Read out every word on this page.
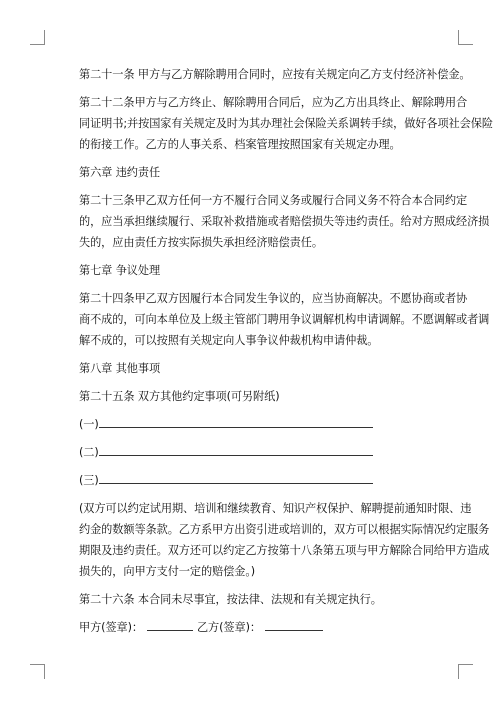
第二十一条 甲方与乙方解除聘用合同时，应按有关规定向乙方支付经济补偿金。
第二十二条甲方与乙方终止、解除聘用合同后，应为乙方出具终止、解除聘用合
同证明书;并按国家有关规定及时为其办理社会保险关系调转手续，做好各项社会保险
的衔接工作。乙方的人事关系、档案管理按照国家有关规定办理。
第六章 违约责任
第二十三条甲乙双方任何一方不履行合同义务或履行合同义务不符合本合同约定
的，应当承担继续履行、采取补救措施或者赔偿损失等违约责任。给对方照成经济损
失的，应由责任方按实际损失承担经济赔偿责任。
第七章 争议处理
第二十四条甲乙双方因履行本合同发生争议的，应当协商解决。不愿协商或者协
商不成的，可向本单位及上级主管部门聘用争议调解机构申请调解。不愿调解或者调
解不成的，可以按照有关规定向人事争议仲裁机构申请仲裁。
第八章 其他事项
第二十五条 双方其他约定事项(可另附纸)
(一)
(二)
(三)
(双方可以约定试用期、培训和继续教育、知识产权保护、解聘提前通知时限、违
约金的数额等条款。乙方系甲方出资引进或培训的，双方可以根据实际情况约定服务
期限及违约责任。双方还可以约定乙方按第十八条第五项与甲方解除合同给甲方造成
损失的，向甲方支付一定的赔偿金。)
第二十六条 本合同未尽事宜，按法律、法规和有关规定执行。
甲方(签章)：	乙方(签章)：
